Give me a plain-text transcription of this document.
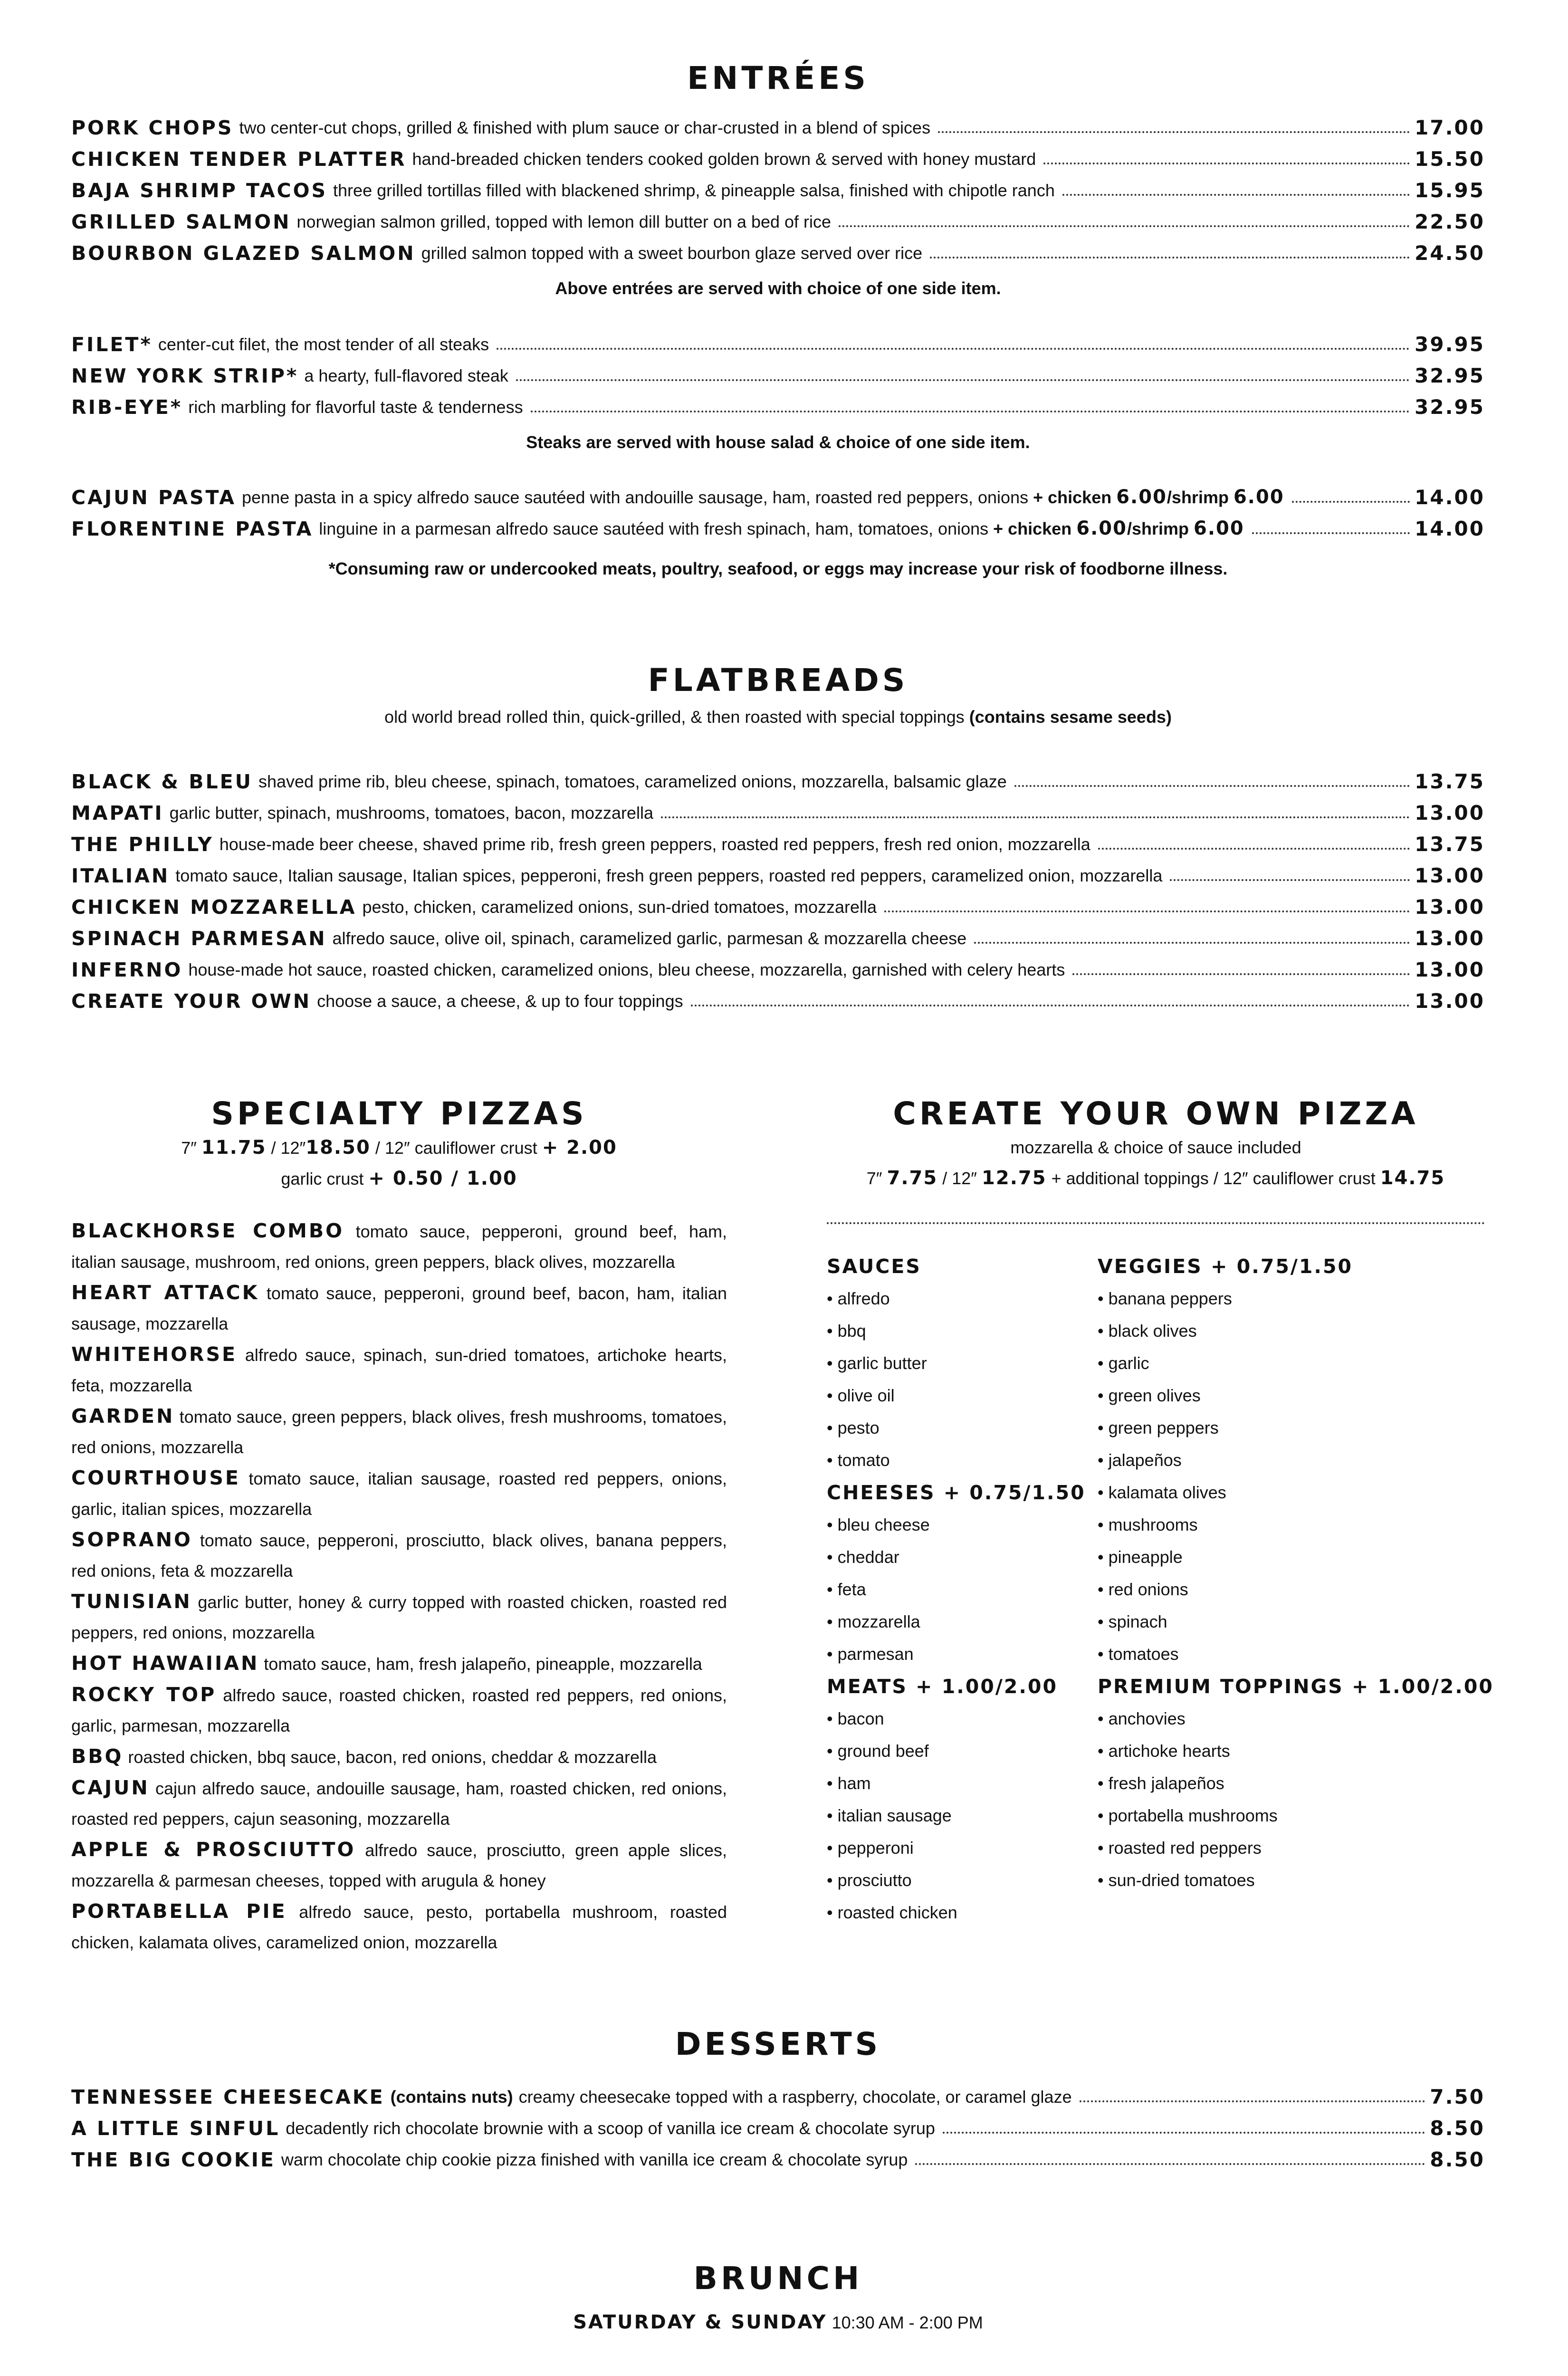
ENTRÉES
PORK CHOPS two center-cut chops, grilled & finished with plum sauce or char-crusted in a blend of spices	17.00
CHICKEN TENDER PLATTER hand-breaded chicken tenders cooked golden brown & served with honey mustard	15.50
BAJA SHRIMP TACOS three grilled tortillas filled with blackened shrimp, & pineapple salsa, finished with chipotle ranch	15.95
GRILLED SALMON norwegian salmon grilled, topped with lemon dill butter on a bed of rice	22.50
BOURBON GLAZED SALMON grilled salmon topped with a sweet bourbon glaze served over rice	24.50
Above entrées are served with choice of one side item.
FILET* center-cut filet, the most tender of all steaks	39.95
NEW YORK STRIP* a hearty, full-flavored steak	32.95
RIB-EYE* rich marbling for flavorful taste & tenderness	32.95
Steaks are served with house salad & choice of one side item.
CAJUN PASTA penne pasta in a spicy alfredo sauce sautéed with andouille sausage, ham, roasted red peppers, onions + chicken 6.00/shrimp 6.00	14.00
FLORENTINE PASTA linguine in a parmesan alfredo sauce sautéed with fresh spinach, ham, tomatoes, onions + chicken 6.00/shrimp 6.00	14.00
*Consuming raw or undercooked meats, poultry, seafood, or eggs may increase your risk of foodborne illness.
FLATBREADS
old world bread rolled thin, quick-grilled, & then roasted with special toppings (contains sesame seeds)
BLACK & BLEU shaved prime rib, bleu cheese, spinach, tomatoes, caramelized onions, mozzarella, balsamic glaze	13.75
MAPATI garlic butter, spinach, mushrooms, tomatoes, bacon, mozzarella	13.00
THE PHILLY house-made beer cheese, shaved prime rib, fresh green peppers, roasted red peppers, fresh red onion, mozzarella	13.75
ITALIAN tomato sauce, Italian sausage, Italian spices, pepperoni, fresh green peppers, roasted red peppers, caramelized onion, mozzarella	13.00
CHICKEN MOZZARELLA pesto, chicken, caramelized onions, sun-dried tomatoes, mozzarella	13.00
SPINACH PARMESAN alfredo sauce, olive oil, spinach, caramelized garlic, parmesan & mozzarella cheese	13.00
INFERNO house-made hot sauce, roasted chicken, caramelized onions, bleu cheese, mozzarella, garnished with celery hearts	13.00
CREATE YOUR OWN choose a sauce, a cheese, & up to four toppings	13.00
SPECIALTY PIZZAS
7″ 11.75 / 12″18.50 / 12″ cauliflower crust + 2.00
garlic crust + 0.50 / 1.00
BLACKHORSE COMBO tomato sauce, pepperoni, ground beef, ham, italian sausage, mushroom, red onions, green peppers, black olives, mozzarella
HEART ATTACK tomato sauce, pepperoni, ground beef, bacon, ham, italian sausage, mozzarella
WHITEHORSE alfredo sauce, spinach, sun-dried tomatoes, artichoke hearts, feta, mozzarella
GARDEN tomato sauce, green peppers, black olives, fresh mushrooms, tomatoes, red onions, mozzarella
COURTHOUSE tomato sauce, italian sausage, roasted red peppers, onions, garlic, italian spices, mozzarella
SOPRANO tomato sauce, pepperoni, prosciutto, black olives, banana peppers, red onions, feta & mozzarella
TUNISIAN garlic butter, honey & curry topped with roasted chicken, roasted red peppers, red onions, mozzarella
HOT HAWAIIAN tomato sauce, ham, fresh jalapeño, pineapple, mozzarella
ROCKY TOP alfredo sauce, roasted chicken, roasted red peppers, red onions, garlic, parmesan, mozzarella
BBQ roasted chicken, bbq sauce, bacon, red onions, cheddar & mozzarella
CAJUN cajun alfredo sauce, andouille sausage, ham, roasted chicken, red onions, roasted red peppers, cajun seasoning, mozzarella
APPLE & PROSCIUTTO alfredo sauce, prosciutto, green apple slices, mozzarella & parmesan cheeses, topped with arugula & honey
PORTABELLA PIE alfredo sauce, pesto, portabella mushroom, roasted chicken, kalamata olives, caramelized onion, mozzarella
CREATE YOUR OWN PIZZA
mozzarella & choice of sauce included
7″ 7.75 / 12″ 12.75 + additional toppings / 12″ cauliflower crust 14.75
SAUCES
• alfredo
• bbq
• garlic butter
• olive oil
• pesto
• tomato
CHEESES + 0.75/1.50
• bleu cheese
• cheddar
• feta
• mozzarella
• parmesan
MEATS + 1.00/2.00
• bacon
• ground beef
• ham
• italian sausage
• pepperoni
• prosciutto
• roasted chicken
VEGGIES + 0.75/1.50
• banana peppers
• black olives
• garlic
• green olives
• green peppers
• jalapeños
• kalamata olives
• mushrooms
• pineapple
• red onions
• spinach
• tomatoes
PREMIUM TOPPINGS + 1.00/2.00
• anchovies
• artichoke hearts
• fresh jalapeños
• portabella mushrooms
• roasted red peppers
• sun-dried tomatoes
DESSERTS
TENNESSEE CHEESECAKE (contains nuts) creamy cheesecake topped with a raspberry, chocolate, or caramel glaze	7.50
A LITTLE SINFUL decadently rich chocolate brownie with a scoop of vanilla ice cream & chocolate syrup	8.50
THE BIG COOKIE warm chocolate chip cookie pizza finished with vanilla ice cream & chocolate syrup	8.50
BRUNCH
SATURDAY & SUNDAY 10:30 AM - 2:00 PM
